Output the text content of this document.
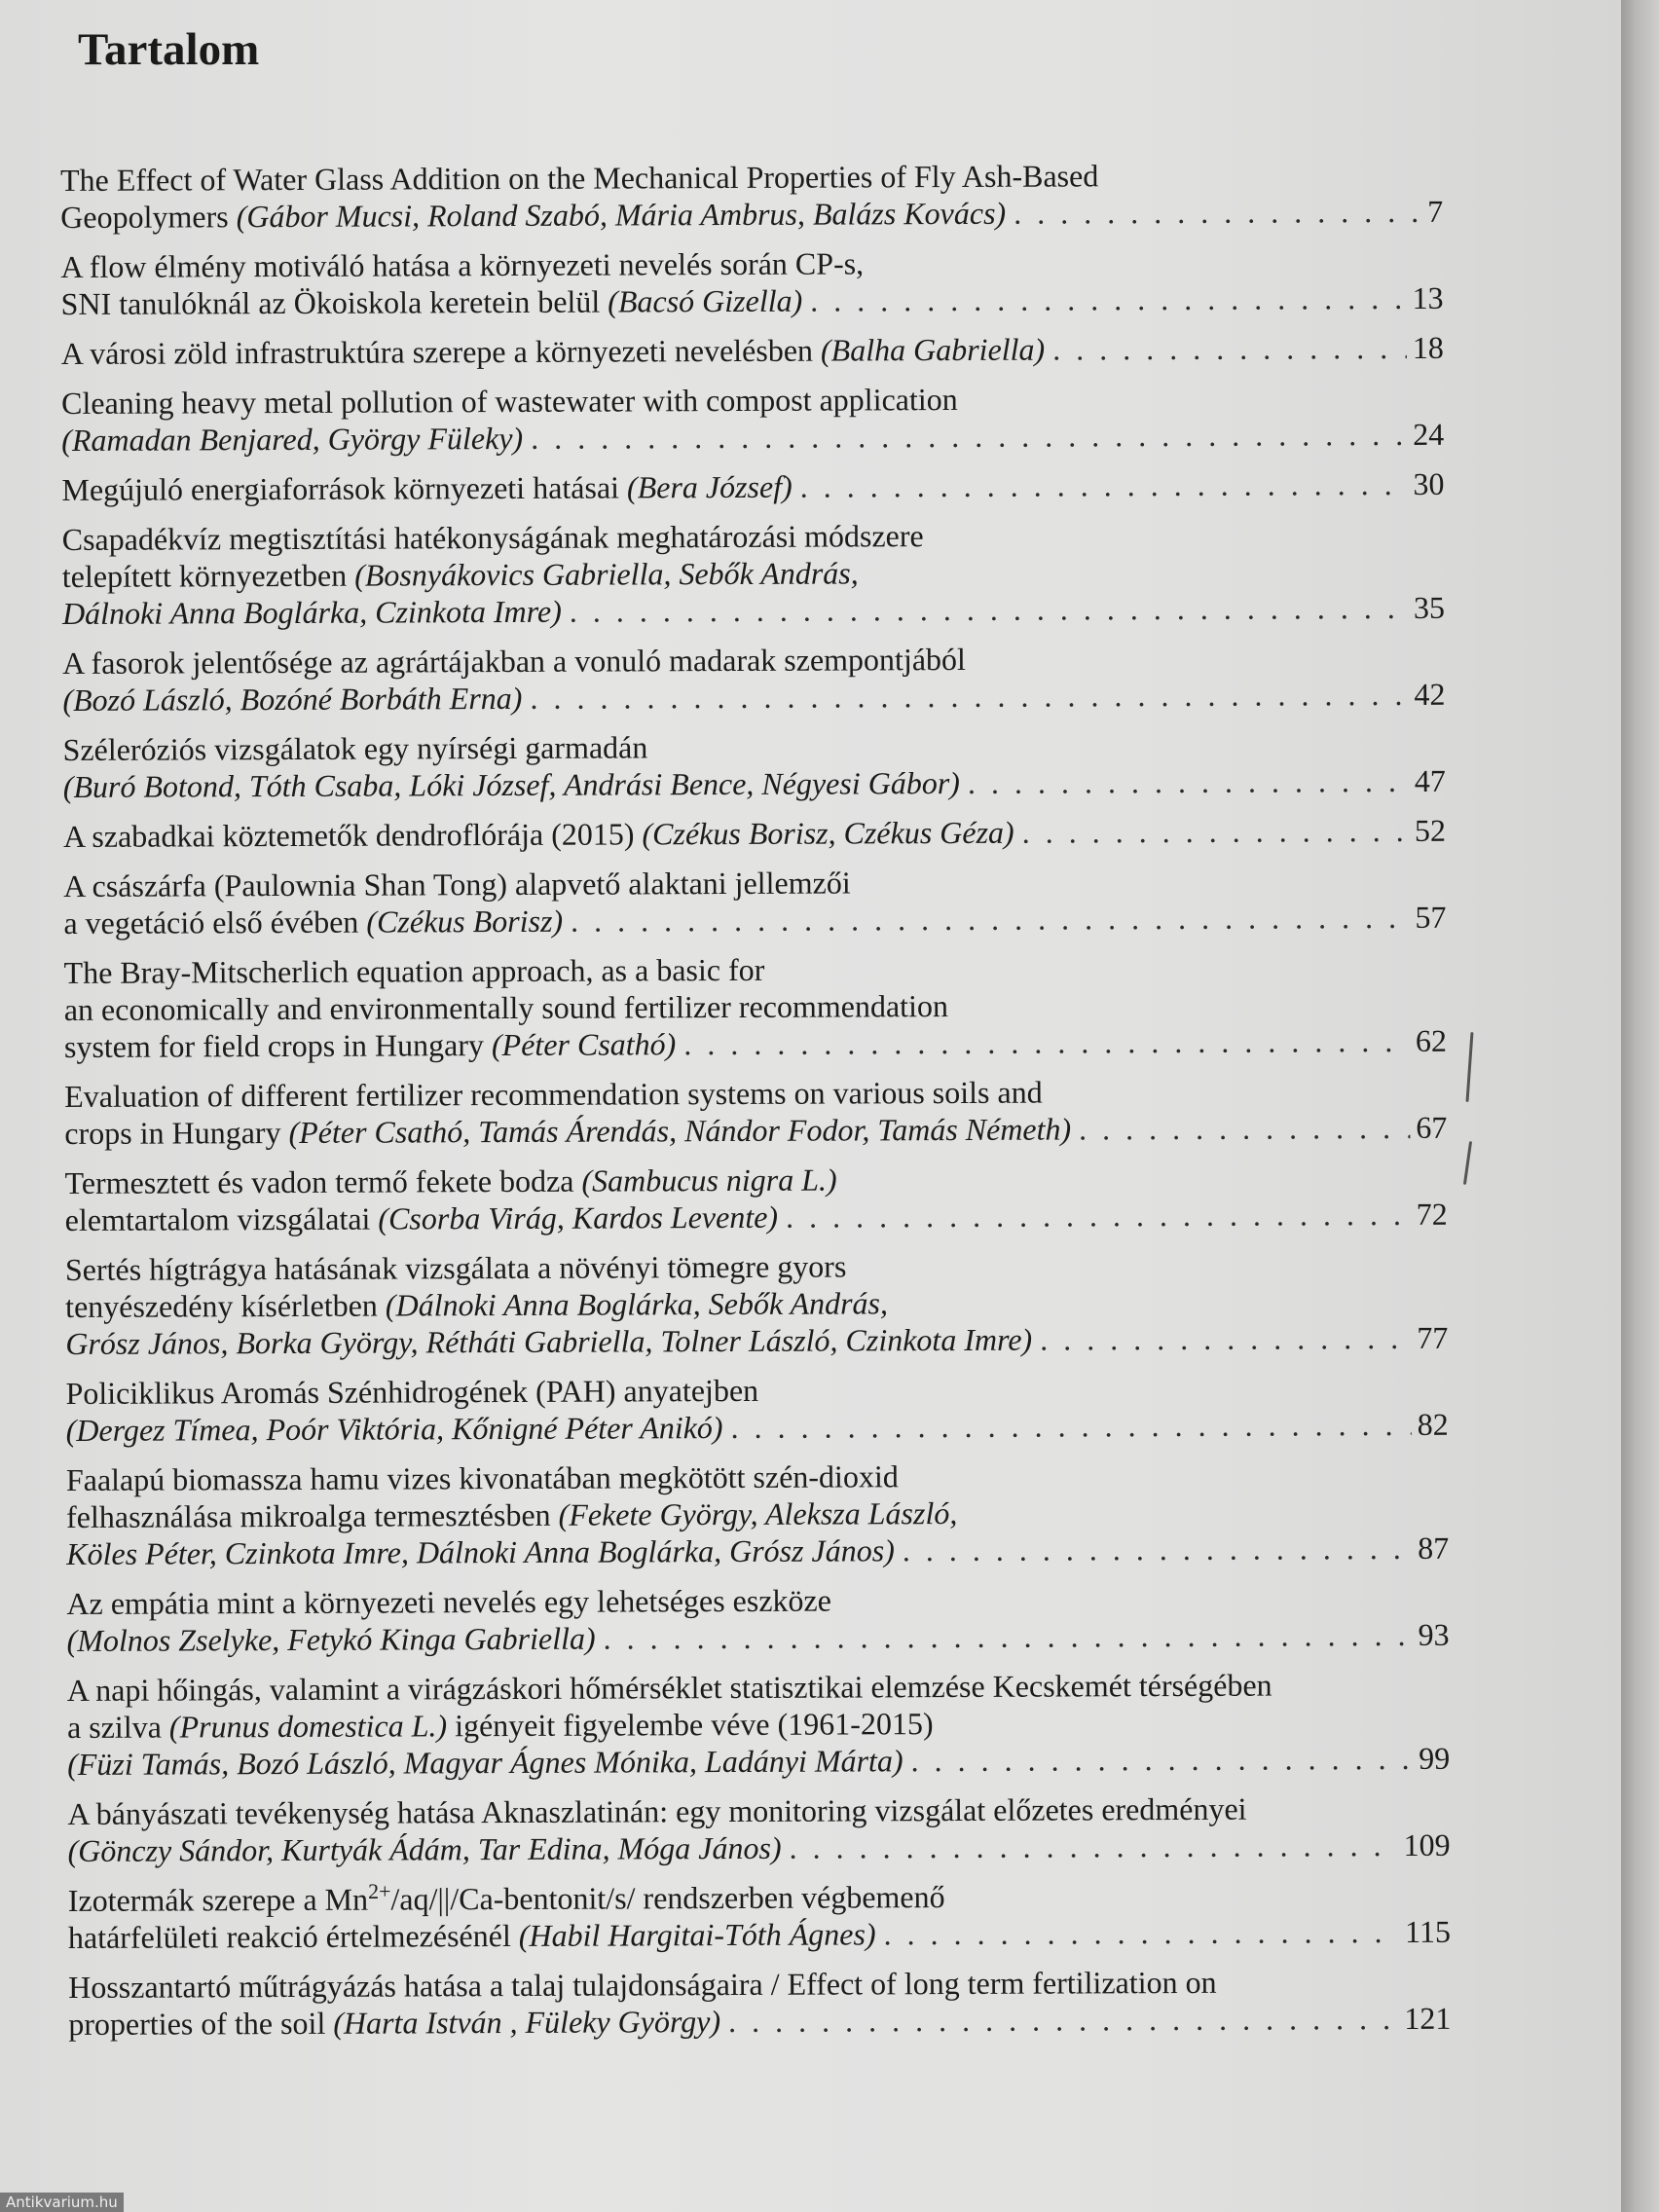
Tartalom
The Effect of Water Glass Addition on the Mechanical Properties of Fly Ash-Based
Geopolymers (Gábor Mucsi, Roland Szabó, Mária Ambrus, Balázs Kovács) . . .	7
A flow élmény motiváló hatása a környezeti nevelés során CP-s,
SNI tanulóknál az Ökoiskola keretein belül (Bacsó Gizella) . . .	13
A városi zöld infrastruktúra szerepe a környezeti nevelésben (Balha Gabriella) . . .	18
Cleaning heavy metal pollution of wastewater with compost application
(Ramadan Benjared, György Füleky) . . .	24
Megújuló energiaforrások környezeti hatásai (Bera József) . . .	30
Csapadékvíz megtisztítási hatékonyságának meghatározási módszere
telepített környezetben (Bosnyákovics Gabriella, Sebők András,
Dálnoki Anna Boglárka, Czinkota Imre) . . .	35
A fasorok jelentősége az agrártájakban a vonuló madarak szempontjából
(Bozó László, Bozóné Borbáth Erna) . . .	42
Széleróziós vizsgálatok egy nyírségi garmadán
(Buró Botond, Tóth Csaba, Lóki József, Andrási Bence, Négyesi Gábor) . . .	47
A szabadkai köztemetők dendroflórája (2015) (Czékus Borisz, Czékus Géza) . . .	52
A császárfa (Paulownia Shan Tong) alapvető alaktani jellemzői
a vegetáció első évében (Czékus Borisz) . . .	57
The Bray-Mitscherlich equation approach, as a basic for
an economically and environmentally sound fertilizer recommendation
system for field crops in Hungary (Péter Csathó) . . .	62
Evaluation of different fertilizer recommendation systems on various soils and
crops in Hungary (Péter Csathó, Tamás Árendás, Nándor Fodor, Tamás Németh) . . .	67
Termesztett és vadon termő fekete bodza (Sambucus nigra L.)
elemtartalom vizsgálatai (Csorba Virág, Kardos Levente) . . .	72
Sertés hígtrágya hatásának vizsgálata a növényi tömegre gyors
tenyészedény kísérletben (Dálnoki Anna Boglárka, Sebők András,
Grósz János, Borka György, Rétháti Gabriella, Tolner László, Czinkota Imre) . . .	77
Policiklikus Aromás Szénhidrogének (PAH) anyatejben
(Dergez Tímea, Poór Viktória, Kőnigné Péter Anikó) . . .	82
Faalapú biomassza hamu vizes kivonatában megkötött szén-dioxid
felhasználása mikroalga termesztésben (Fekete György, Aleksza László,
Köles Péter, Czinkota Imre, Dálnoki Anna Boglárka, Grósz János) . . .	87
Az empátia mint a környezeti nevelés egy lehetséges eszköze
(Molnos Zselyke, Fetykó Kinga Gabriella) . . .	93
A napi hőingás, valamint a virágzáskori hőmérséklet statisztikai elemzése Kecskemét térségében
a szilva (Prunus domestica L.) igényeit figyelembe véve (1961-2015)
(Füzi Tamás, Bozó László, Magyar Ágnes Mónika, Ladányi Márta) . . .	99
A bányászati tevékenység hatása Aknaszlatinán: egy monitoring vizsgálat előzetes eredményei
(Gönczy Sándor, Kurtyák Ádám, Tar Edina, Móga János) . . .	109
Izotermák szerepe a $Mn^{2+}/aq/||/Ca-bentonit/s/$ rendszerben végbemenő
határfelületi reakció értelmezésénél (Habil Hargitai-Tóth Ágnes) . . .	115
Hosszantartó műtrágyázás hatása a talaj tulajdonságaira / Effect of long term fertilization on
properties of the soil (Harta István , Füleky György) . . .	121
Antikvarium.hu
